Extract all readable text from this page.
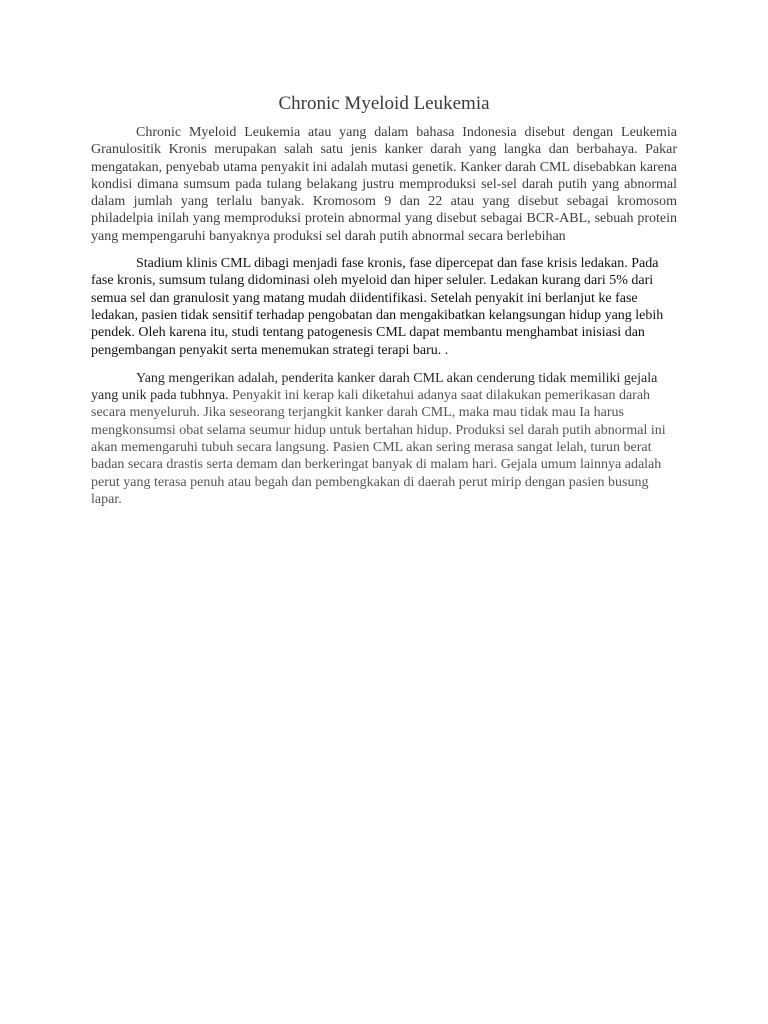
Chronic Myeloid Leukemia

Chronic Myeloid Leukemia atau yang dalam bahasa Indonesia disebut dengan Leukemia Granulositik Kronis merupakan salah satu jenis kanker darah yang langka dan berbahaya. Pakar mengatakan, penyebab utama penyakit ini adalah mutasi genetik. Kanker darah CML disebabkan karena kondisi dimana sumsum pada tulang belakang justru memproduksi sel-sel darah putih yang abnormal dalam jumlah yang terlalu banyak. Kromosom 9 dan 22 atau yang disebut sebagai kromosom philadelpia inilah yang memproduksi protein abnormal yang disebut sebagai BCR-ABL, sebuah protein yang mempengaruhi banyaknya produksi sel darah putih abnormal secara berlebihan

Stadium klinis CML dibagi menjadi fase kronis, fase dipercepat dan fase krisis ledakan. Pada fase kronis, sumsum tulang didominasi oleh myeloid dan hiper seluler. Ledakan kurang dari 5% dari semua sel dan granulosit yang matang mudah diidentifikasi. Setelah penyakit ini berlanjut ke fase ledakan, pasien tidak sensitif terhadap pengobatan dan mengakibatkan kelangsungan hidup yang lebih pendek. Oleh karena itu, studi tentang patogenesis CML dapat membantu menghambat inisiasi dan pengembangan penyakit serta menemukan strategi terapi baru. .

Yang mengerikan adalah, penderita kanker darah CML akan cenderung tidak memiliki gejala yang unik pada tubhnya. Penyakit ini kerap kali diketahui adanya saat dilakukan pemerikasan darah secara menyeluruh. Jika seseorang terjangkit kanker darah CML, maka mau tidak mau Ia harus mengkonsumsi obat selama seumur hidup untuk bertahan hidup. Produksi sel darah putih abnormal ini akan memengaruhi tubuh secara langsung. Pasien CML akan sering merasa sangat lelah, turun berat badan secara drastis serta demam dan berkeringat banyak di malam hari. Gejala umum lainnya adalah perut yang terasa penuh atau begah dan pembengkakan di daerah perut mirip dengan pasien busung lapar.
